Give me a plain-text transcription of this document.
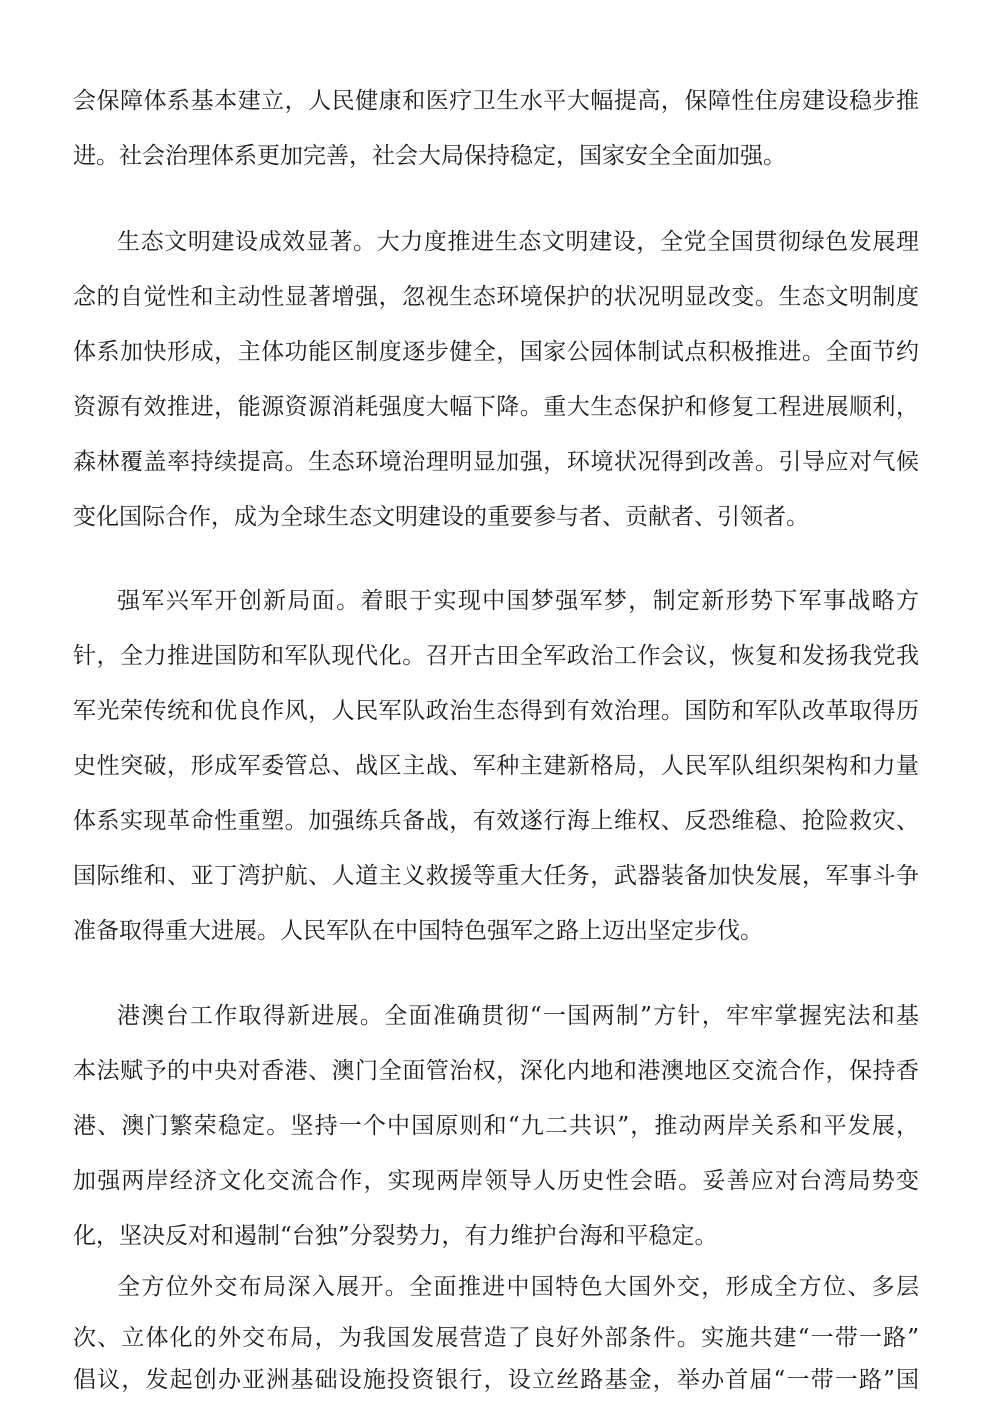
会保障体系基本建立，人民健康和医疗卫生水平大幅提高，保障性住房建设稳步推
进。社会治理体系更加完善，社会大局保持稳定，国家安全全面加强。
生态文明建设成效显著。大力度推进生态文明建设，全党全国贯彻绿色发展理
念的自觉性和主动性显著增强，忽视生态环境保护的状况明显改变。生态文明制度
体系加快形成，主体功能区制度逐步健全，国家公园体制试点积极推进。全面节约
资源有效推进，能源资源消耗强度大幅下降。重大生态保护和修复工程进展顺利，
森林覆盖率持续提高。生态环境治理明显加强，环境状况得到改善。引导应对气候
变化国际合作，成为全球生态文明建设的重要参与者、贡献者、引领者。
强军兴军开创新局面。着眼于实现中国梦强军梦，制定新形势下军事战略方
针，全力推进国防和军队现代化。召开古田全军政治工作会议，恢复和发扬我党我
军光荣传统和优良作风，人民军队政治生态得到有效治理。国防和军队改革取得历
史性突破，形成军委管总、战区主战、军种主建新格局，人民军队组织架构和力量
体系实现革命性重塑。加强练兵备战，有效遂行海上维权、反恐维稳、抢险救灾、
国际维和、亚丁湾护航、人道主义救援等重大任务，武器装备加快发展，军事斗争
准备取得重大进展。人民军队在中国特色强军之路上迈出坚定步伐。
港澳台工作取得新进展。全面准确贯彻“一国两制”方针，牢牢掌握宪法和基
本法赋予的中央对香港、澳门全面管治权，深化内地和港澳地区交流合作，保持香
港、澳门繁荣稳定。坚持一个中国原则和“九二共识”，推动两岸关系和平发展，
加强两岸经济文化交流合作，实现两岸领导人历史性会晤。妥善应对台湾局势变
化，坚决反对和遏制“台独”分裂势力，有力维护台海和平稳定。
全方位外交布局深入展开。全面推进中国特色大国外交，形成全方位、多层
次、立体化的外交布局，为我国发展营造了良好外部条件。实施共建“一带一路”
倡议，发起创办亚洲基础设施投资银行，设立丝路基金，举办首届“一带一路”国
